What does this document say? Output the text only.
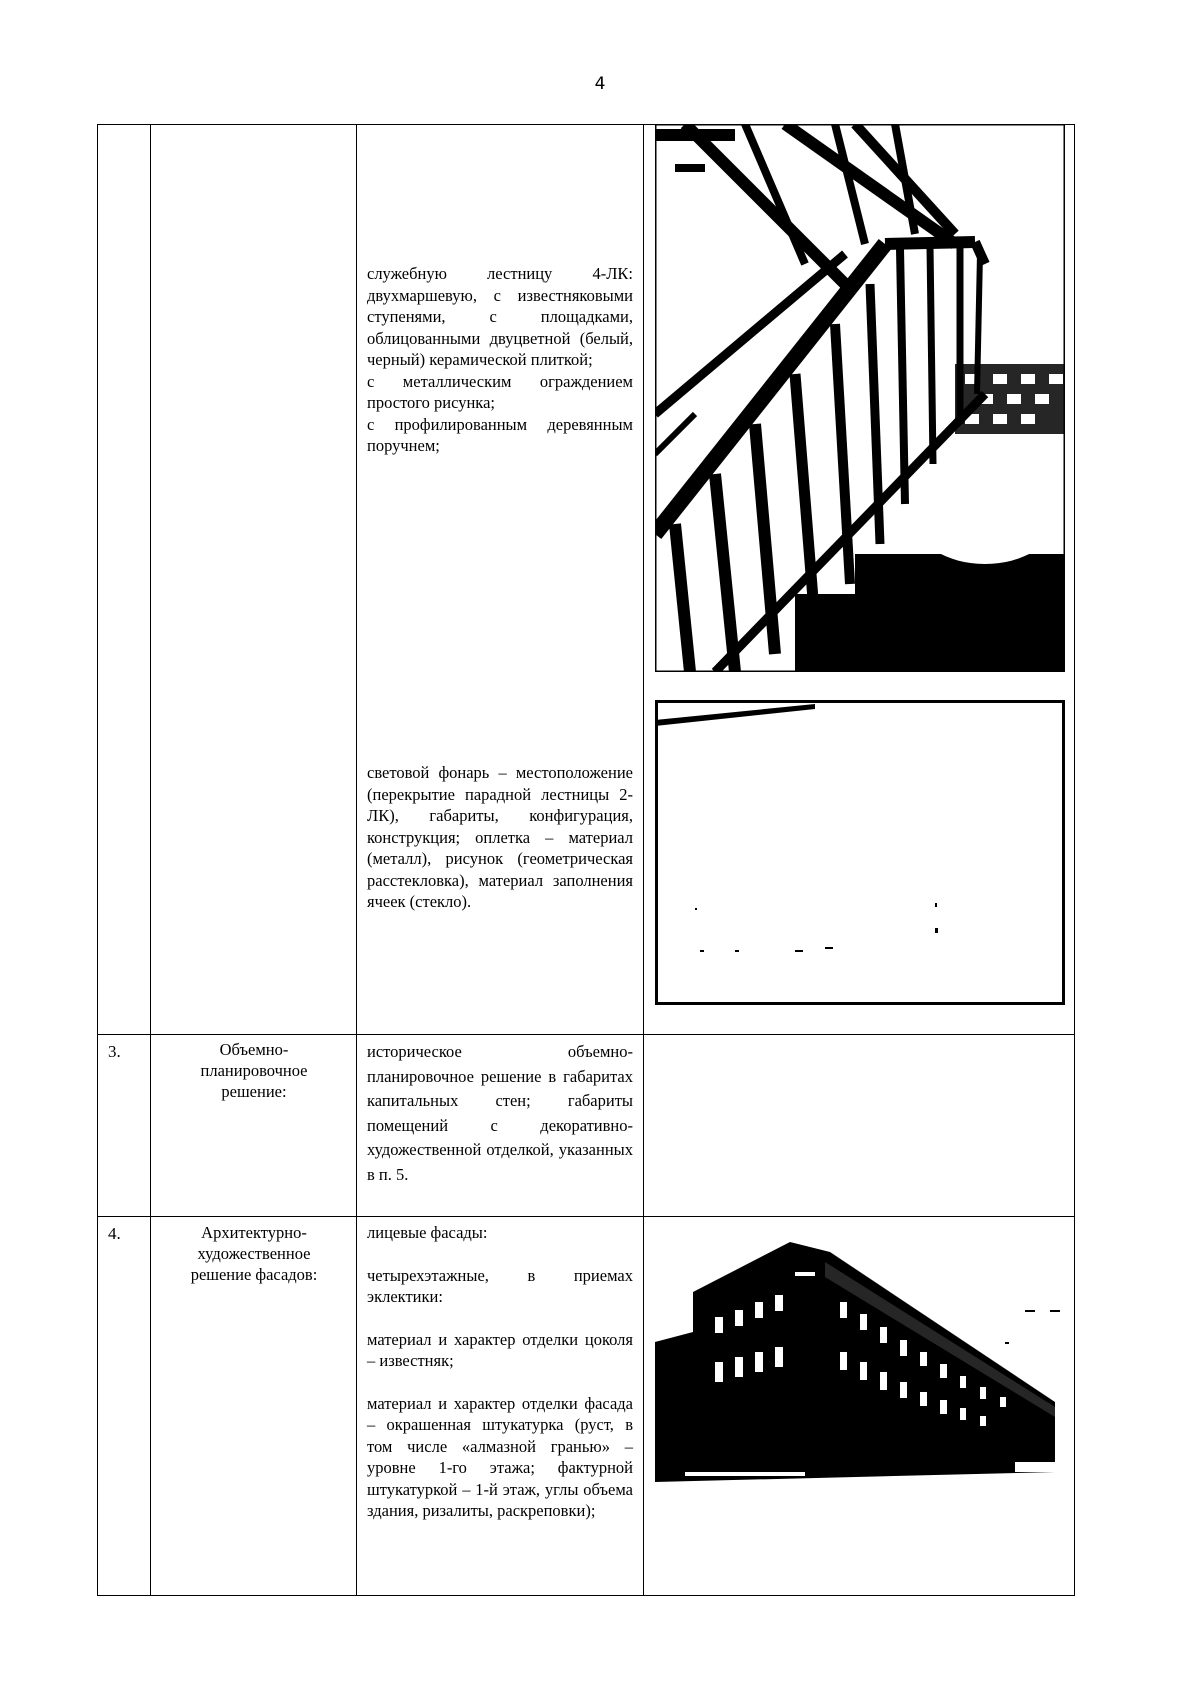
4

служебную лестницу 4-ЛК: двухмаршевую, с известняковыми ступенями, с площадками, облицованными двуцветной (белый, черный) керамической плиткой;

с металлическим ограждением простого рисунка;

с профилированным деревянным поручнем;

световой фонарь – местоположение (перекрытие парадной лестницы 2-ЛК), габариты, конфигурация, конструкция; оплетка – материал (металл), рисунок (геометрическая расстекловка), материал заполнения ячеек (стекло).

3.	Объемно-планировочное решение:

историческое объемно-планировочное решение в габаритах капитальных стен; габариты помещений с декоративно-художественной отделкой, указанных в п. 5.

4.	Архитектурно-художественное решение фасадов:

лицевые фасады:

четырехэтажные, в приемах эклектики:

материал и характер отделки цоколя – известняк;

материал и характер отделки фасада – окрашенная штукатурка (руст, в том числе «алмазной гранью» – уровне 1-го этажа; фактурной штукатуркой – 1-й этаж, углы объема здания, ризалиты, раскреповки);
